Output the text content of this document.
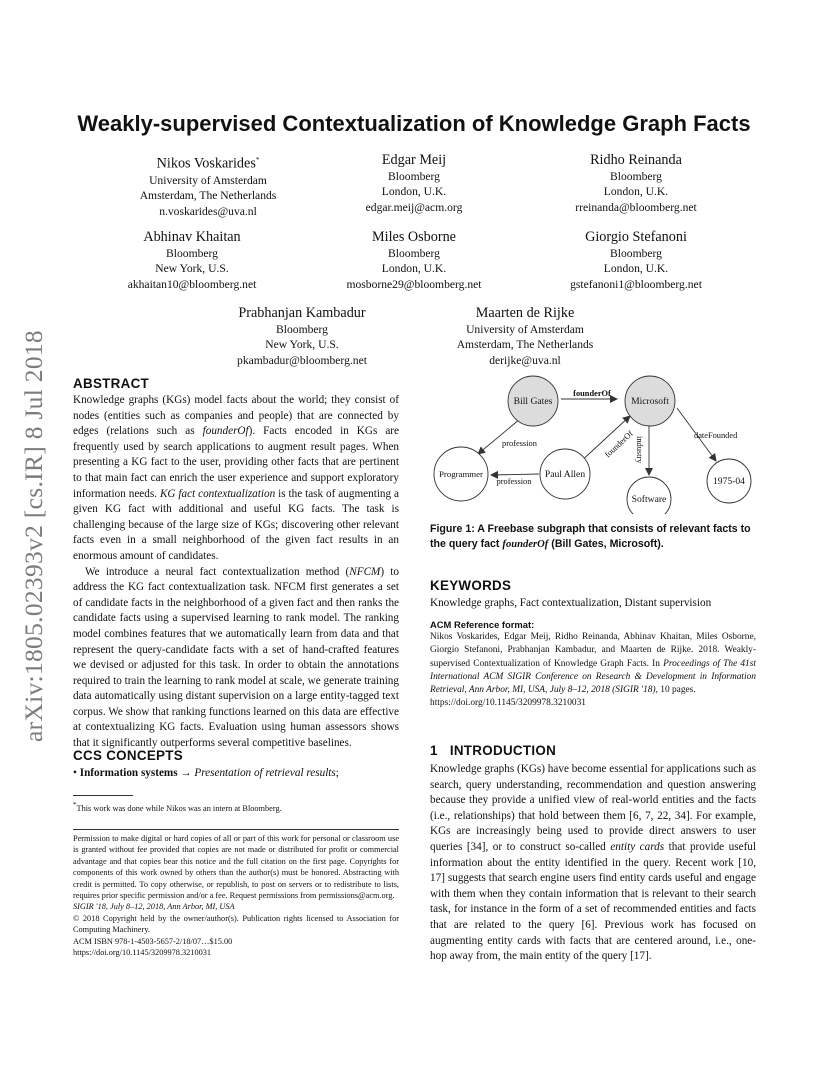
arXiv:1805.02393v2 [cs.IR] 8 Jul 2018
Weakly-supervised Contextualization of Knowledge Graph Facts
Nikos Voskarides*
University of Amsterdam
Amsterdam, The Netherlands
n.voskarides@uva.nl
Edgar Meij
Bloomberg
London, U.K.
edgar.meij@acm.org
Ridho Reinanda
Bloomberg
London, U.K.
rreinanda@bloomberg.net
Abhinav Khaitan
Bloomberg
New York, U.S.
akhaitan10@bloomberg.net
Miles Osborne
Bloomberg
London, U.K.
mosborne29@bloomberg.net
Giorgio Stefanoni
Bloomberg
London, U.K.
gstefanoni1@bloomberg.net
Prabhanjan Kambadur
Bloomberg
New York, U.S.
pkambadur@bloomberg.net
Maarten de Rijke
University of Amsterdam
Amsterdam, The Netherlands
derijke@uva.nl
ABSTRACT

Knowledge graphs (KGs) model facts about the world; they consist of nodes (entities such as companies and people) that are connected by edges (relations such as founderOf). Facts encoded in KGs are frequently used by search applications to augment result pages. When presenting a KG fact to the user, providing other facts that are pertinent to that main fact can enrich the user experience and support exploratory information needs. KG fact contextualization is the task of augmenting a given KG fact with additional and useful KG facts. The task is challenging because of the large size of KGs; discovering other relevant facts even in a small neighborhood of the given fact results in an enormous amount of candidates.

We introduce a neural fact contextualization method (NFCM) to address the KG fact contextualization task. NFCM first generates a set of candidate facts in the neighborhood of a given fact and then ranks the candidate facts using a supervised learning to rank model. The ranking model combines features that we automatically learn from data and that represent the query-candidate facts with a set of hand-crafted features we devised or adjusted for this task. In order to obtain the annotations required to train the learning to rank model at scale, we generate training data automatically using distant supervision on a large entity-tagged text corpus. We show that ranking functions learned on this data are effective at contextualizing KG facts. Evaluation using human assessors shows that it significantly outperforms several competitive baselines.

CCS CONCEPTS
• Information systems → Presentation of retrieval results;
*This work was done while Nikos was an intern at Bloomberg.

Permission to make digital or hard copies of all or part of this work for personal or classroom use is granted without fee provided that copies are not made or distributed for profit or commercial advantage and that copies bear this notice and the full citation on the first page. Copyrights for components of this work owned by others than the author(s) must be honored. Abstracting with credit is permitted. To copy otherwise, or republish, to post on servers or to redistribute to lists, requires prior specific permission and/or a fee. Request permissions from permissions@acm.org.

SIGIR '18, July 8–12, 2018, Ann Arbor, MI, USA

© 2018 Copyright held by the owner/author(s). Publication rights licensed to Association for Computing Machinery.

ACM ISBN 978-1-4503-5657-2/18/07…$15.00

https://doi.org/10.1145/3209978.3210031

Bill Gates	Microsoft
Programmer	Paul Allen
Software
1975-04
founderOf
profession
profession
founderOf industry
dateFounded
Figure 1: A Freebase subgraph that consists of relevant facts to the query fact founderOf (Bill Gates, Microsoft).
KEYWORDS
Knowledge graphs, Fact contextualization, Distant supervision

ACM Reference format:

Nikos Voskarides, Edgar Meij, Ridho Reinanda, Abhinav Khaitan, Miles Osborne, Giorgio Stefanoni, Prabhanjan Kambadur, and Maarten de Rijke. 2018. Weakly-supervised Contextualization of Knowledge Graph Facts. In Proceedings of The 41st International ACM SIGIR Conference on Research & Development in Information Retrieval, Ann Arbor, MI, USA, July 8–12, 2018 (SIGIR '18), 10 pages.

https://doi.org/10.1145/3209978.3210031

1 INTRODUCTION

Knowledge graphs (KGs) have become essential for applications such as search, query understanding, recommendation and question answering because they provide a unified view of real-world entities and the facts (i.e., relationships) that hold between them [6, 7, 22, 34]. For example, KGs are increasingly being used to provide direct answers to user queries [34], or to construct so-called entity cards that provide useful information about the entity identified in the query. Recent work [10, 17] suggests that search engine users find entity cards useful and engage with them when they contain information that is relevant to their search task, for instance in the form of a set of recommended entities and facts that are related to the query [6]. Previous work has focused on augmenting entity cards with facts that are centered around, i.e., one-hop away from, the main entity of the query [17].
